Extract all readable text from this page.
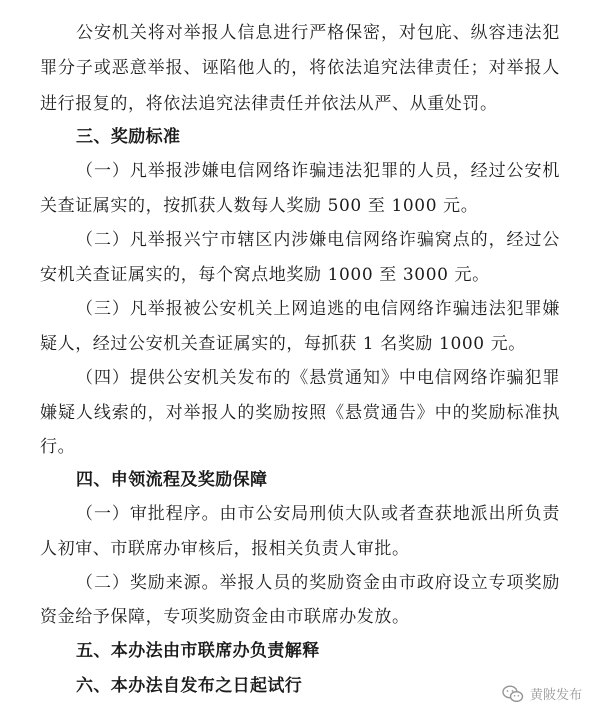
公安机关将对举报人信息进行严格保密，对包庇、纵容违法犯
罪分子或恶意举报、诬陷他人的，将依法追究法律责任；对举报人
进行报复的，将依法追究法律责任并依法从严、从重处罚。
三、奖励标准
（一）凡举报涉嫌电信网络诈骗违法犯罪的人员，经过公安机
关查证属实的，按抓获人数每人奖励 500 至 1000 元。
（二）凡举报兴宁市辖区内涉嫌电信网络诈骗窝点的，经过公
安机关查证属实的，每个窝点地奖励 1000 至 3000 元。
（三）凡举报被公安机关上网追逃的电信网络诈骗违法犯罪嫌
疑人，经过公安机关查证属实的，每抓获 1 名奖励 1000 元。
（四）提供公安机关发布的《悬赏通知》中电信网络诈骗犯罪
嫌疑人线索的，对举报人的奖励按照《悬赏通告》中的奖励标准执
行。
四、申领流程及奖励保障
（一）审批程序。由市公安局刑侦大队或者查获地派出所负责
人初审、市联席办审核后，报相关负责人审批。
（二）奖励来源。举报人员的奖励资金由市政府设立专项奖励
资金给予保障，专项奖励资金由市联席办发放。
五、本办法由市联席办负责解释
六、本办法自发布之日起试行	黄陂发布
